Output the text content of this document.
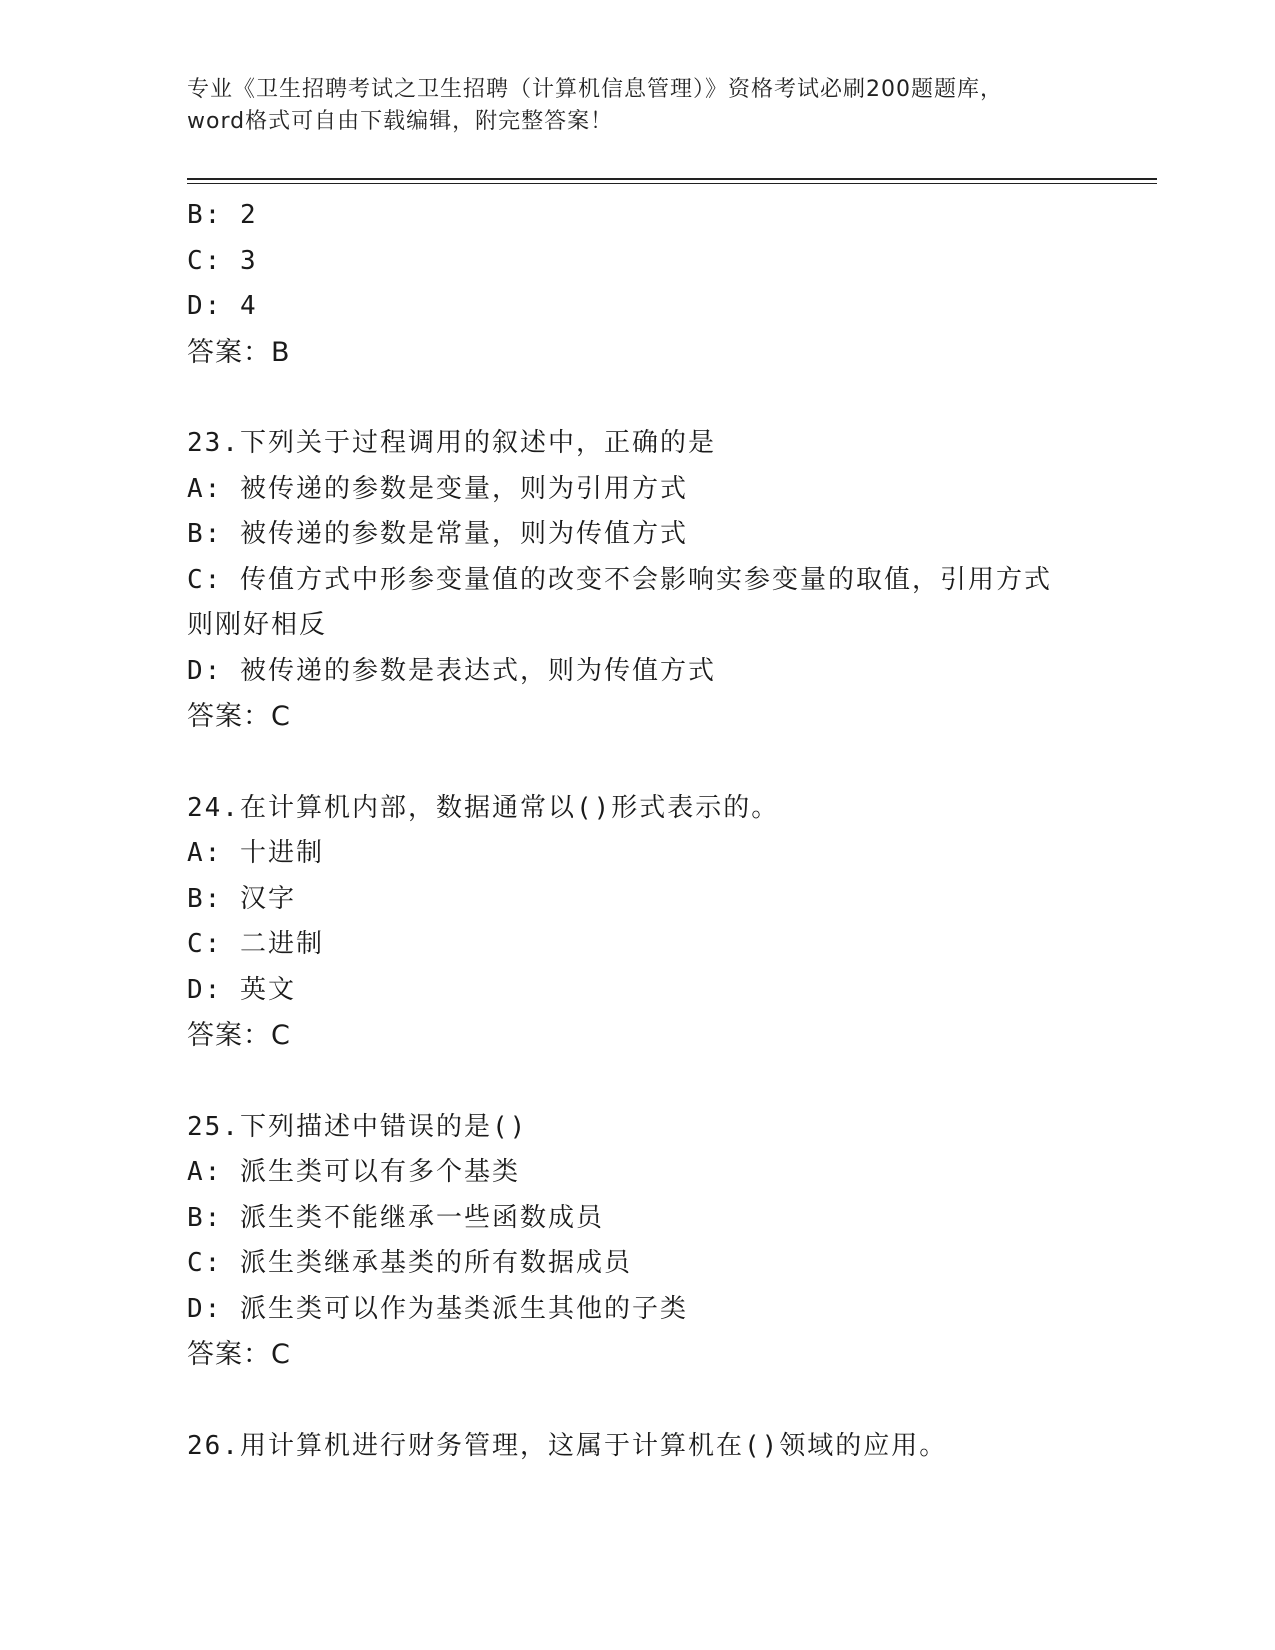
专业《卫生招聘考试之卫生招聘（计算机信息管理）》资格考试必刷200题题库，
word格式可自由下载编辑，附完整答案！
B: 2
C: 3
D: 4
答案：B
23.下列关于过程调用的叙述中，正确的是
A: 被传递的参数是变量，则为引用方式
B: 被传递的参数是常量，则为传值方式
C: 传值方式中形参变量值的改变不会影响实参变量的取值，引用方式
则刚好相反
D: 被传递的参数是表达式，则为传值方式
答案：C
24.在计算机内部，数据通常以()形式表示的。
A: 十进制
B: 汉字
C: 二进制
D: 英文
答案：C
25.下列描述中错误的是()
A: 派生类可以有多个基类
B: 派生类不能继承一些函数成员
C: 派生类继承基类的所有数据成员
D: 派生类可以作为基类派生其他的子类
答案：C
26.用计算机进行财务管理，这属于计算机在()领域的应用。
